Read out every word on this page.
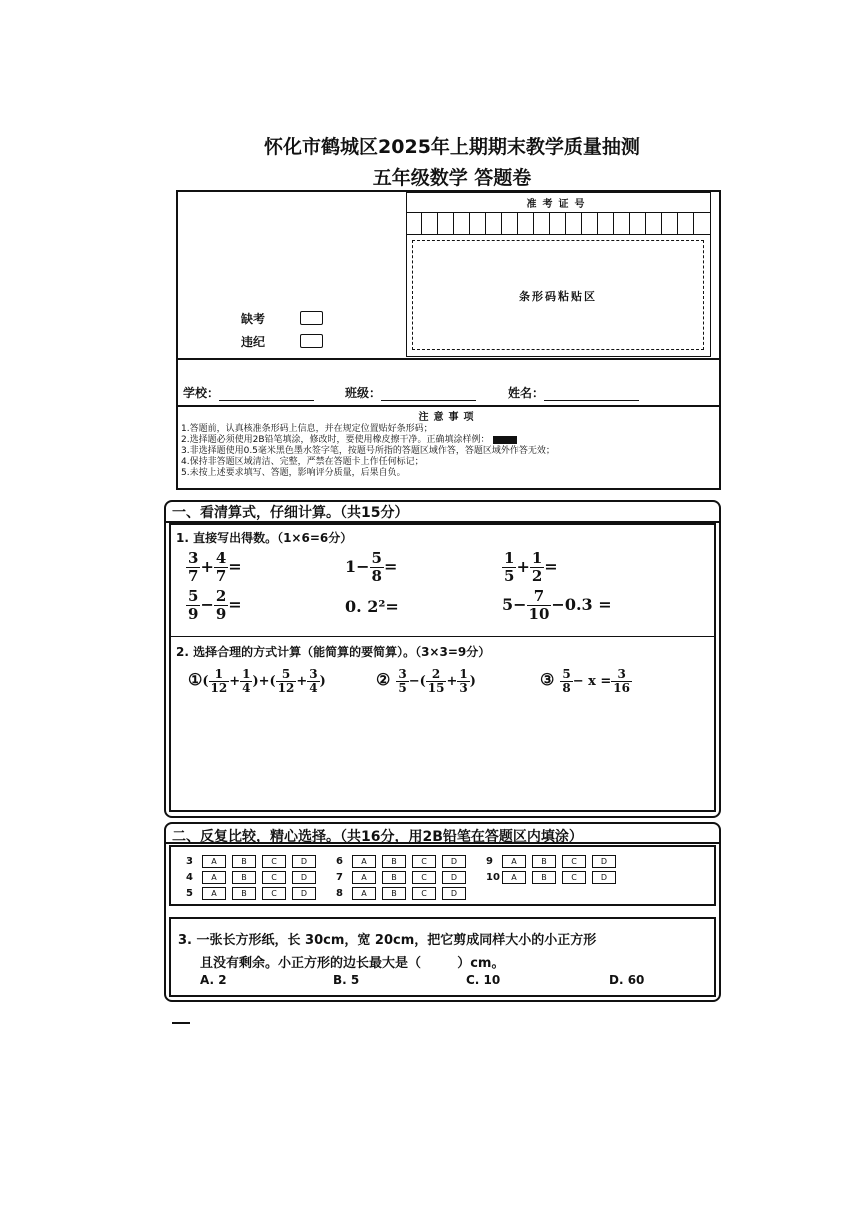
怀化市鹤城区2025年上期期末教学质量抽测
五年级数学 答题卷
准考证号
条形码粘贴区
缺考
违纪
学校：	班级：	姓名：
注意事项
1.答题前，认真核准条形码上信息，并在规定位置贴好条形码；
2.选择题必须使用2B铅笔填涂，修改时，要使用橡皮擦干净。正确填涂样例：
3.非选择题使用0.5毫米黑色墨水签字笔，按题号所指的答题区域作答，答题区域外作答无效；
4.保持非答题区域清洁、完整，严禁在答题卡上作任何标记；
5.未按上述要求填写、答题，影响评分质量，后果自负。
一、看清算式，仔细计算。（共15分）
1. 直接写出得数。（1×6=6分）
$\frac{3}{7} + \frac{4}{7}$ =	$1- \frac{5}{8}$ =	$\frac{1}{5} + \frac{1}{2}$ =
$\frac{5}{9} - \frac{2}{9}$ =	0. 2²=	$5- \frac{7}{10} -0.3$ =
2. 选择合理的方式计算（能简算的要简算）。（3×3=9分）
①( $\frac{1}{12} + \frac{1}{4}$ )+( $\frac{5}{12} + \frac{3}{4}$ )	② $\frac{3}{5}$ −( $\frac{2}{15} + \frac{1}{3}$ )	③ $\frac{5}{8} - x = \frac{3}{16}$
二、反复比较，精心选择。（共16分，用2B铅笔在答题区内填涂）
3 A	B	C	D
4 A	B	C	D
5 A	B	C	D
6 A	B	C	D
7 A	B	C	D
8 A	B	C	D
9 A	B	C	D
10 A	B	C	D
3. 一张长方形纸，长 30cm，宽 20cm，把它剪成同样大小的小正方形
且没有剩余。小正方形的边长最大是（        ）cm。
A. 2	B. 5	C. 10	D. 60
